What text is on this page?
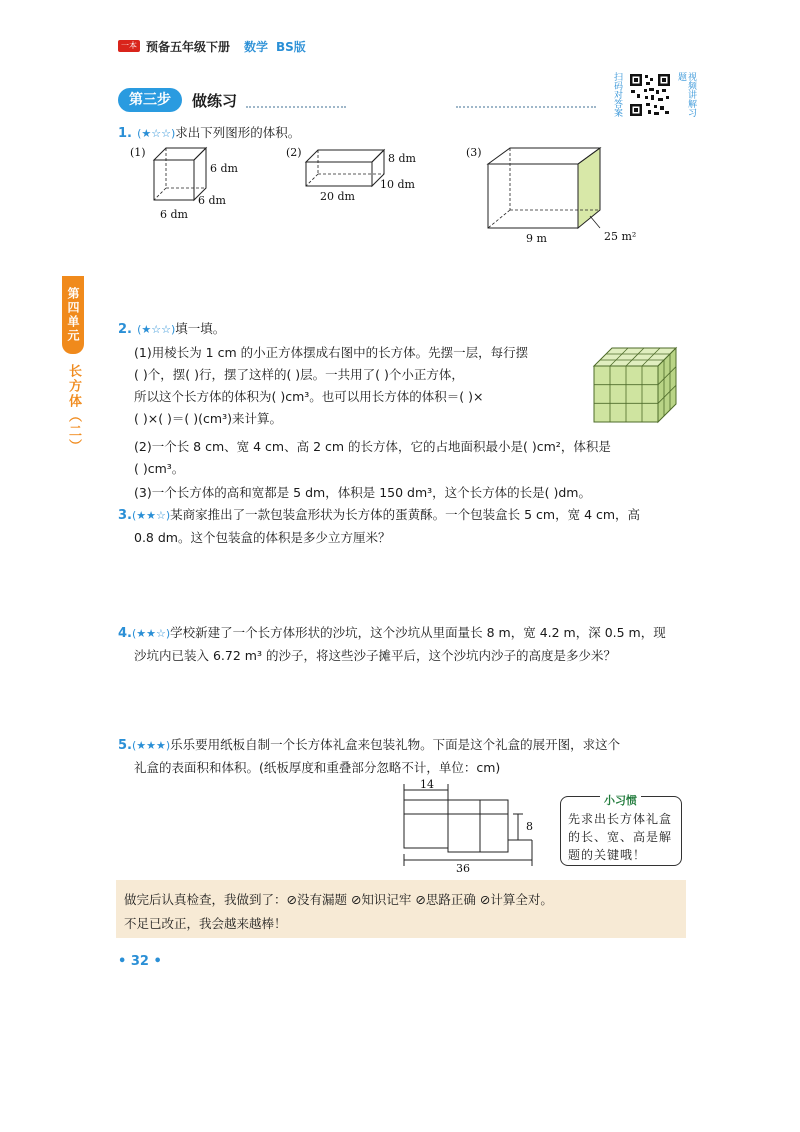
一本 预备五年级下册 数学 BS版
第三步	做练习	扫码对答案	视频讲解习题
第四单元
长方体（二）
1. (★☆☆)求出下列图形的体积。
(1)
6 dm
6 dm
6 dm
(2)	8 dm
10 dm
20 dm
(3)
9 m	25 m²
2. (★☆☆)填一填。
(1)用棱长为 1 cm 的小正方体摆成右图中的长方体。先摆一层，每行摆
( )个，摆( )行，摆了这样的( )层。一共用了( )个小正方体，
所以这个长方体的体积为( )cm³。也可以用长方体的体积＝( )×
( )×( )＝( )(cm³)来计算。
(2)一个长 8 cm、宽 4 cm、高 2 cm 的长方体，它的占地面积最小是( )cm²，体积是
( )cm³。
(3)一个长方体的高和宽都是 5 dm，体积是 150 dm³，这个长方体的长是( )dm。
3.(★★☆)某商家推出了一款包装盒形状为长方体的蛋黄酥。一个包装盒长 5 cm，宽 4 cm，高
0.8 dm。这个包装盒的体积是多少立方厘米？
4.(★★☆)学校新建了一个长方体形状的沙坑，这个沙坑从里面量长 8 m，宽 4.2 m，深 0.5 m，现
沙坑内已装入 6.72 m³ 的沙子，将这些沙子摊平后，这个沙坑内沙子的高度是多少米？
5.(★★★)乐乐要用纸板自制一个长方体礼盒来包装礼物。下面是这个礼盒的展开图，求这个
礼盒的表面积和体积。(纸板厚度和重叠部分忽略不计，单位：cm)
14
8
36
小习惯
先求出长方体礼盒的长、宽、高是解题的关键哦！
做完后认真检查，我做到了：⊘没有漏题 ⊘知识记牢 ⊘思路正确 ⊘计算全对。
不足已改正，我会越来越棒！
• 32 •
